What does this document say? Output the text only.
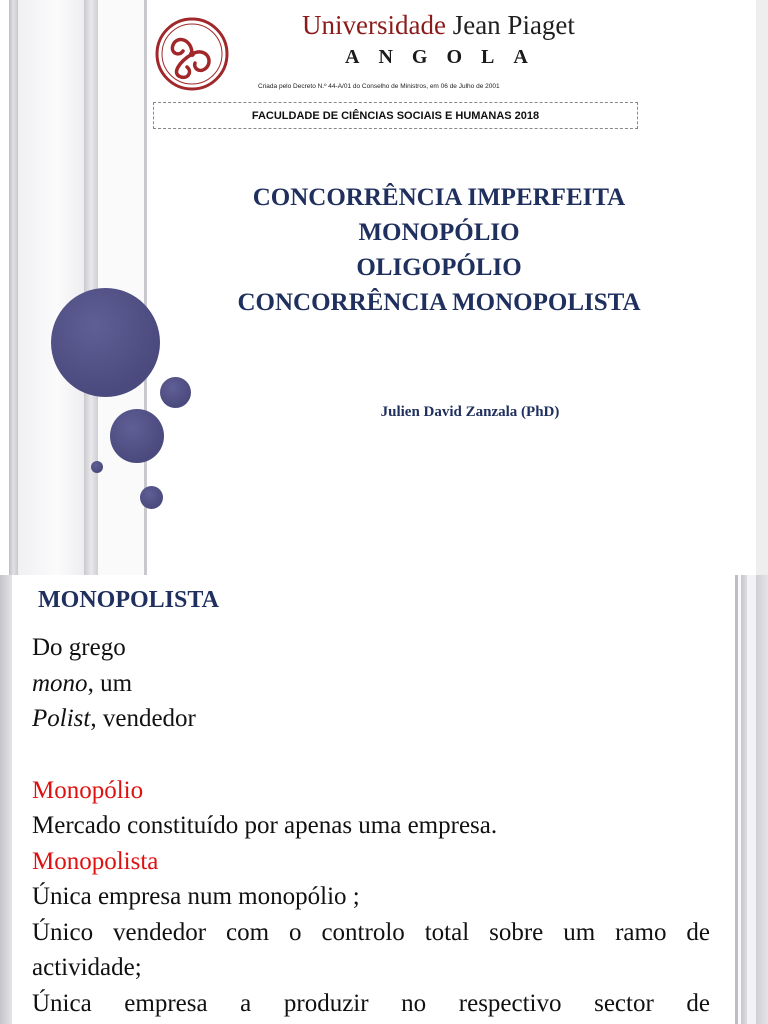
Universidade Jean Piaget
ANGOLA
Criada pelo Decreto N.º 44-A/01 do Conselho de Ministros, em 06 de Julho de 2001
FACULDADE DE CIÊNCIAS SOCIAIS E HUMANAS 2018
CONCORRÊNCIA IMPERFEITA
MONOPÓLIO
OLIGOPÓLIO
CONCORRÊNCIA MONOPOLISTA
Julien David Zanzala (PhD)
MONOPOLISTA

Do grego

mono, um

Polist, vendedor

Monopólio

Mercado constituído por apenas uma empresa.

Monopolista

Única empresa num monopólio ;

Único vendedor com o controlo total sobre um ramo de

actividade;

Única empresa a produzir no respectivo sector de
